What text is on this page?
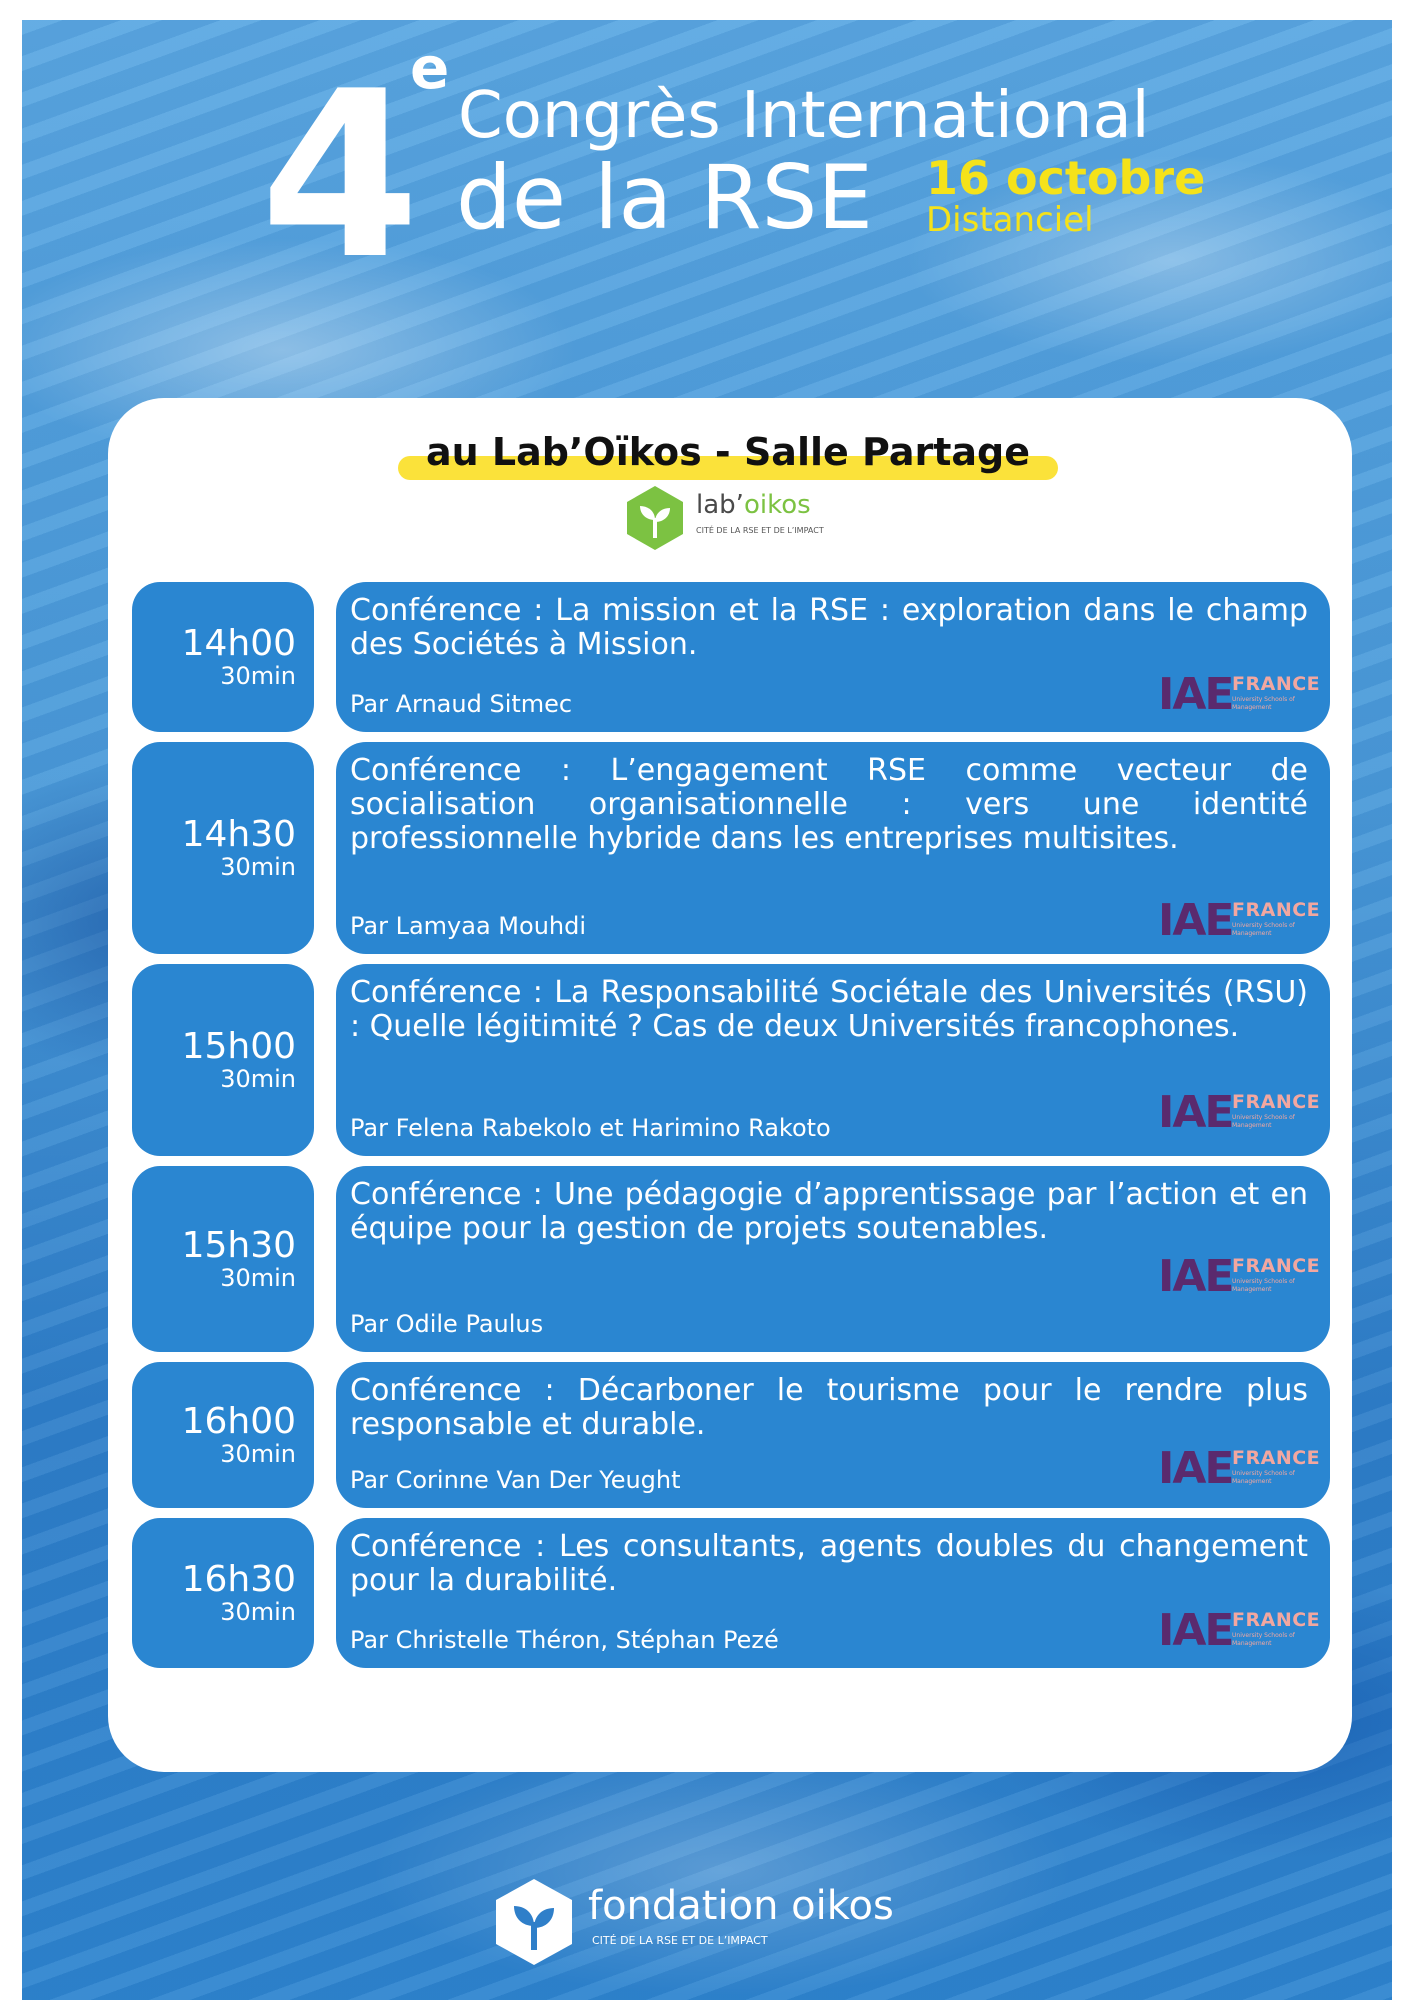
4
e
Congrès International
de la RSE 16 octobre
Distanciel
au Lab’Oïkos - Salle Partage
lab’oikos
CITÉ DE LA RSE ET DE L’IMPACT
14h00
30min
Conférence : La mission et la RSE : exploration dans le champ des Sociétés à Mission.
Par Arnaud Sitmec	IAE FRANCE
University Schools of Management
14h30
30min
Conférence : L’engagement RSE comme vecteur de socialisation organisationnelle : vers une identité professionnelle hybride dans les entreprises multisites.
Par Lamyaa Mouhdi	IAE FRANCE
University Schools of Management
15h00
30min
Conférence : La Responsabilité Sociétale des Universités (RSU) : Quelle légitimité ? Cas de deux Universités francophones.
Par Felena Rabekolo et Harimino Rakoto	IAE FRANCE
University Schools of Management
15h30
30min
Conférence : Une pédagogie d’apprentissage par l’action et en équipe pour la gestion de projets soutenables.
Par Odile Paulus
IAE FRANCE
University Schools of Management
16h00
30min
Conférence : Décarboner le tourisme pour le rendre plus responsable et durable.
Par Corinne Van Der Yeught	IAE FRANCE
University Schools of Management
16h30
30min
Conférence : Les consultants, agents doubles du changement pour la durabilité.
Par Christelle Théron, Stéphan Pezé	IAE FRANCE
University Schools of Management
fondation oikos
CITÉ DE LA RSE ET DE L’IMPACT
